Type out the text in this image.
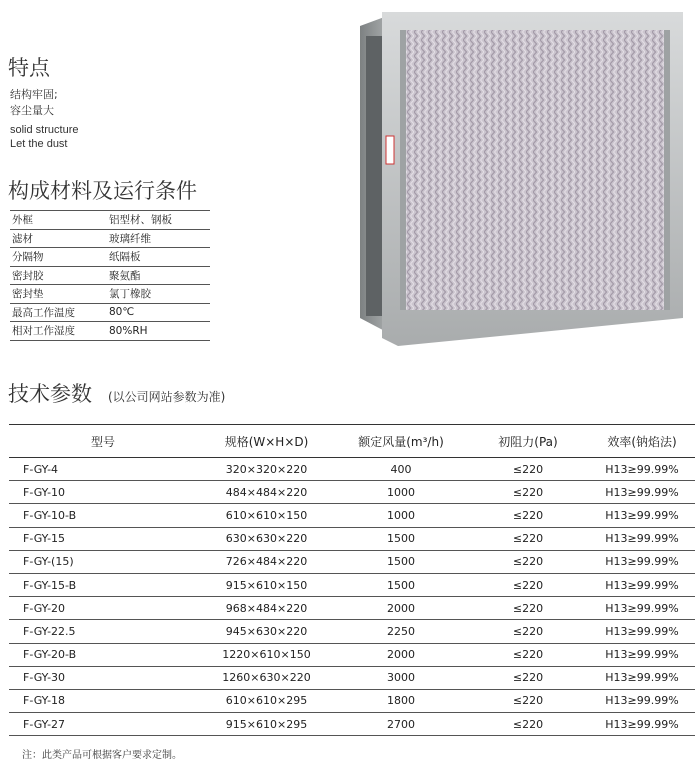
特点
结构牢固;
容尘量大
solid structure
Let the dust
构成材料及运行条件
外框	铝型材、钢板
滤材	玻璃纤维
分隔物	纸隔板
密封胶	聚氨酯
密封垫	氯丁橡胶
最高工作温度	80℃
相对工作湿度	80%RH
技术参数 (以公司网站参数为准)
型号	规格(W×H×D)	额定风量(m³/h)	初阻力(Pa)	效率(钠焰法)
F-GY-4	320×320×220	400	≤220	H13≥99.99%
F-GY-10	484×484×220	1000	≤220	H13≥99.99%
F-GY-10-B	610×610×150	1000	≤220	H13≥99.99%
F-GY-15	630×630×220	1500	≤220	H13≥99.99%
F-GY-(15)	726×484×220	1500	≤220	H13≥99.99%
F-GY-15-B	915×610×150	1500	≤220	H13≥99.99%
F-GY-20	968×484×220	2000	≤220	H13≥99.99%
F-GY-22.5	945×630×220	2250	≤220	H13≥99.99%
F-GY-20-B	1220×610×150	2000	≤220	H13≥99.99%
F-GY-30	1260×630×220	3000	≤220	H13≥99.99%
F-GY-18	610×610×295	1800	≤220	H13≥99.99%
F-GY-27	915×610×295	2700	≤220	H13≥99.99%
注：此类产品可根据客户要求定制。
